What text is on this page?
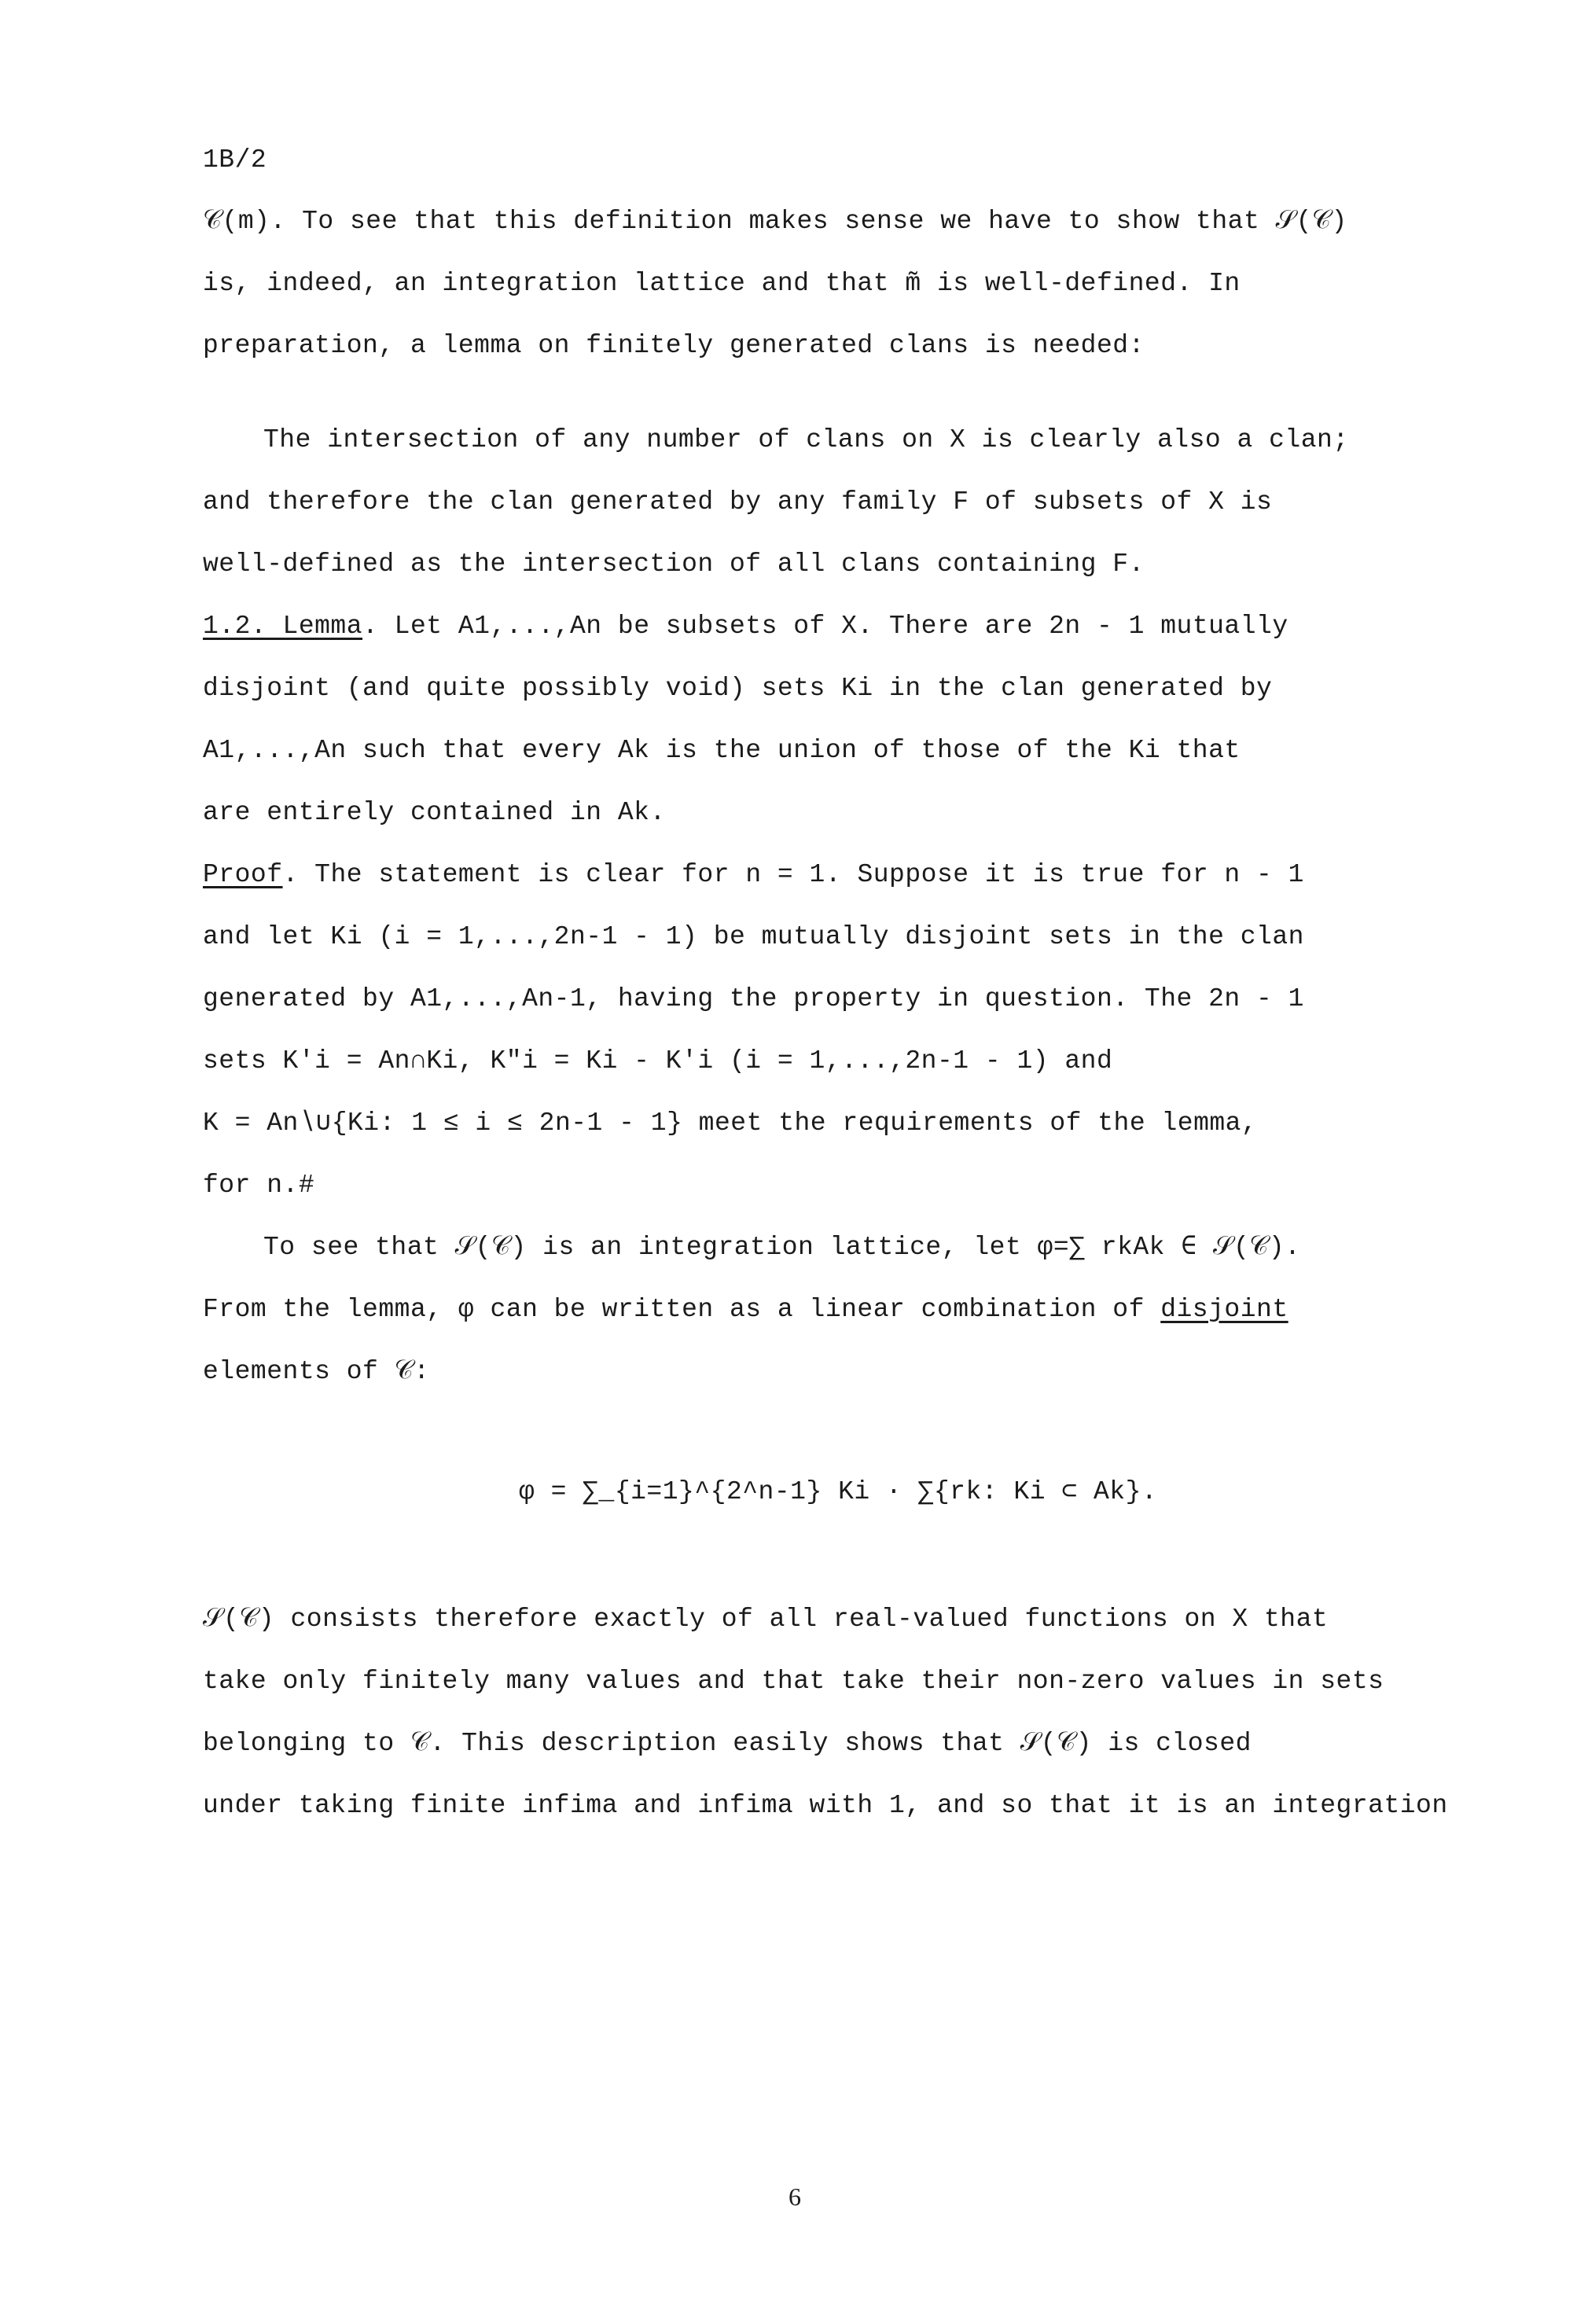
1B/2
𝒞(m). To see that this definition makes sense we have to show that 𝒮(𝒞)
is, indeed, an integration lattice and that m̃ is well-defined. In
preparation, a lemma on finitely generated clans is needed:
The intersection of any number of clans on X is clearly also a clan;
and therefore the clan generated by any family F of subsets of X is
well-defined as the intersection of all clans containing F.
1.2. Lemma. Let A1,...,An be subsets of X. There are 2n - 1 mutually
disjoint (and quite possibly void) sets Ki in the clan generated by
A1,...,An such that every Ak is the union of those of the Ki that
are entirely contained in Ak.
Proof. The statement is clear for n = 1. Suppose it is true for n - 1
and let Ki (i = 1,...,2n-1 - 1) be mutually disjoint sets in the clan
generated by A1,...,An-1, having the property in question. The 2n - 1
sets K'i = An∩Ki, K"i = Ki - K'i (i = 1,...,2n-1 - 1) and
K = An∖∪{Ki: 1 ≤ i ≤ 2n-1 - 1} meet the requirements of the lemma,
for n.#
To see that 𝒮(𝒞) is an integration lattice, let φ=∑ rkAk ∈ 𝒮(𝒞).
From the lemma, φ can be written as a linear combination of disjoint
elements of 𝒞:
φ = ∑_{i=1}^{2^n-1} Ki · ∑{rk: Ki ⊂ Ak}.
𝒮(𝒞) consists therefore exactly of all real-valued functions on X that
take only finitely many values and that take their non-zero values in sets
belonging to 𝒞. This description easily shows that 𝒮(𝒞) is closed
under taking finite infima and infima with 1, and so that it is an integration
6
